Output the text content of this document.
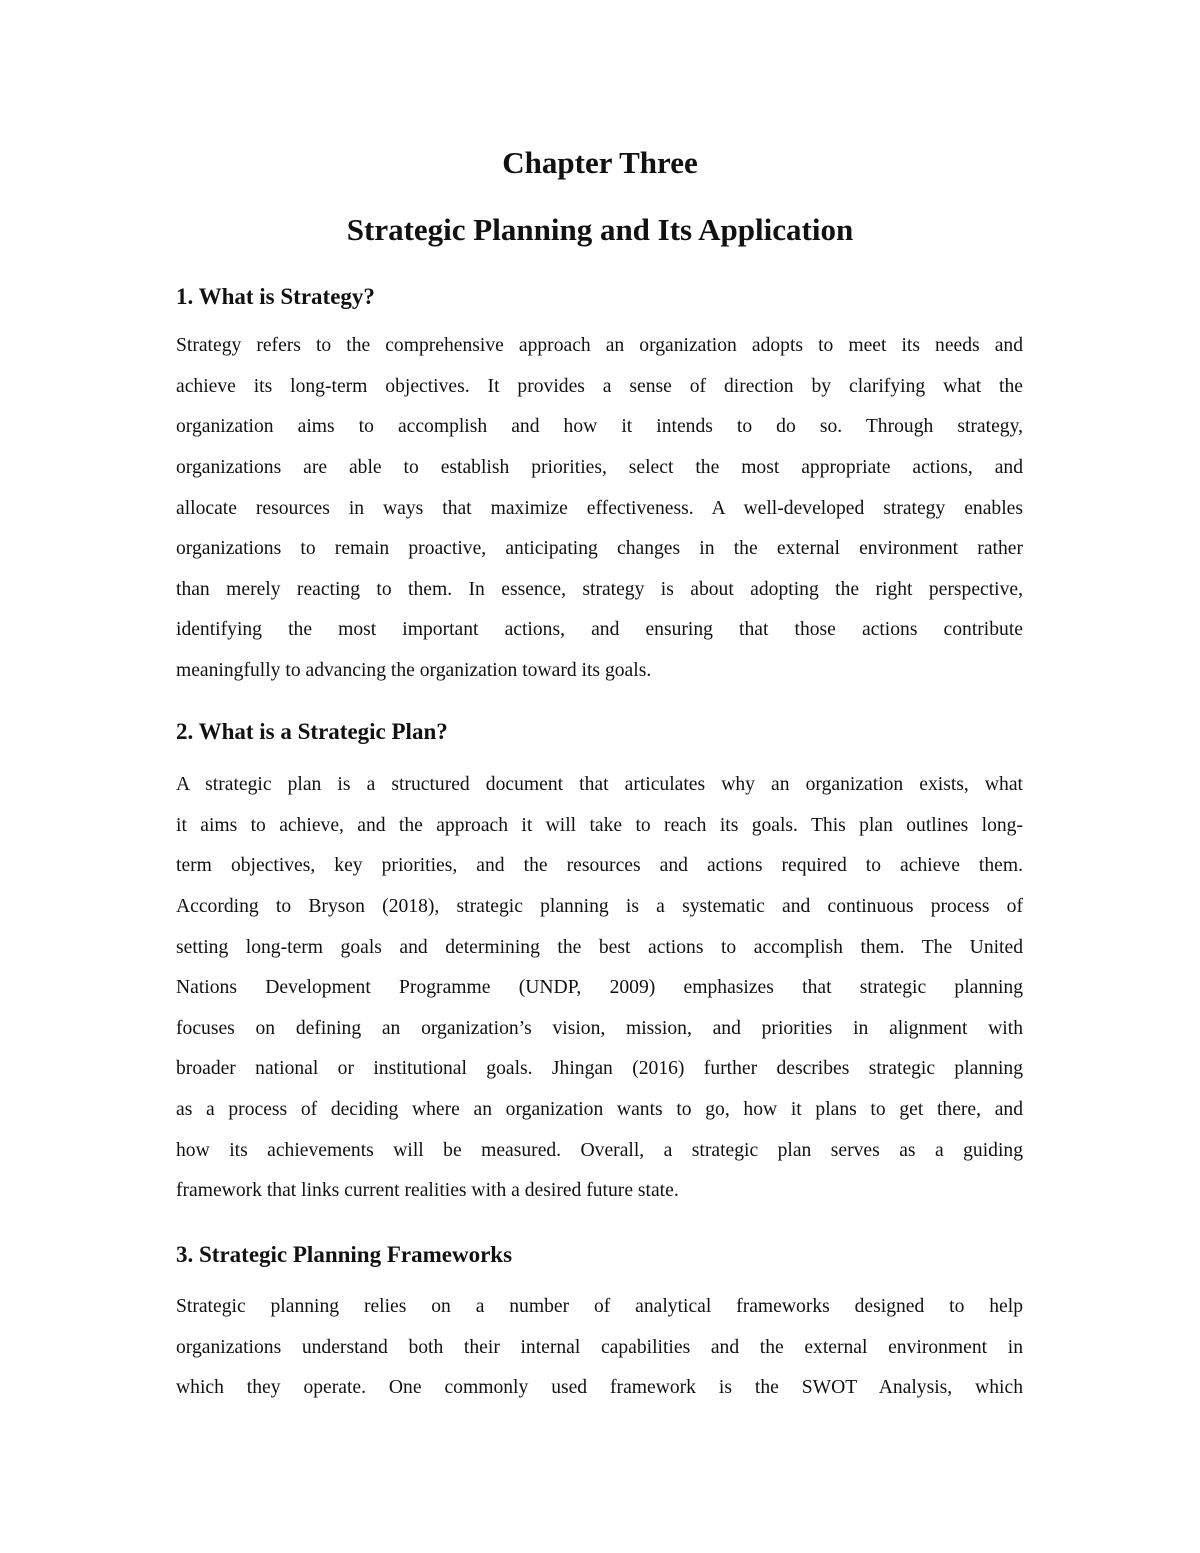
Chapter Three
Strategic Planning and Its Application
1. What is Strategy?
Strategy refers to the comprehensive approach an organization adopts to meet its needs and
achieve its long-term objectives. It provides a sense of direction by clarifying what the
organization aims to accomplish and how it intends to do so. Through strategy,
organizations are able to establish priorities, select the most appropriate actions, and
allocate resources in ways that maximize effectiveness. A well-developed strategy enables
organizations to remain proactive, anticipating changes in the external environment rather
than merely reacting to them. In essence, strategy is about adopting the right perspective,
identifying the most important actions, and ensuring that those actions contribute
meaningfully to advancing the organization toward its goals.
2. What is a Strategic Plan?
A strategic plan is a structured document that articulates why an organization exists, what
it aims to achieve, and the approach it will take to reach its goals. This plan outlines long-
term objectives, key priorities, and the resources and actions required to achieve them.
According to Bryson (2018), strategic planning is a systematic and continuous process of
setting long-term goals and determining the best actions to accomplish them. The United
Nations Development Programme (UNDP, 2009) emphasizes that strategic planning
focuses on defining an organization’s vision, mission, and priorities in alignment with
broader national or institutional goals. Jhingan (2016) further describes strategic planning
as a process of deciding where an organization wants to go, how it plans to get there, and
how its achievements will be measured. Overall, a strategic plan serves as a guiding
framework that links current realities with a desired future state.
3. Strategic Planning Frameworks
Strategic planning relies on a number of analytical frameworks designed to help
organizations understand both their internal capabilities and the external environment in
which they operate. One commonly used framework is the SWOT Analysis, which
